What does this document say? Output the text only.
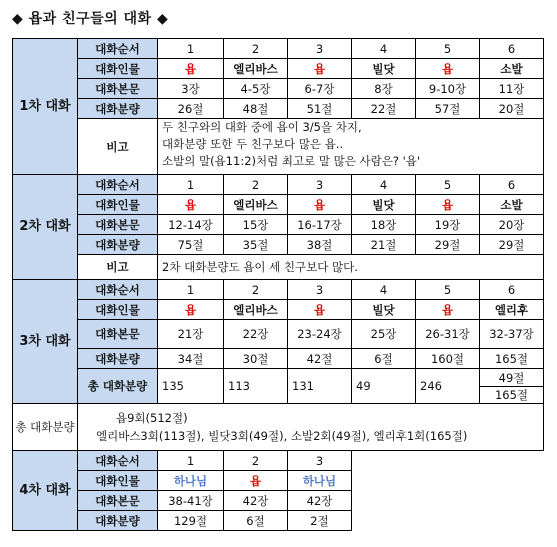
◆ 욥과 친구들의 대화 ◆
1차 대화	대화순서	1	2	3	4	5	6
	대화인물	욥	엘리바스	욥	빌닷	욥	소발
	대화본문	3장	4-5장	6-7장	8장	9-10장	11장
	대화분량	26절	48절	51절	22절	57절	20절
	비고	두 친구와의 대화 중에 욥이 3/5을 차지,
대화분량 또한 두 친구보다 많은 욥..
소발의 말(욥11:2)처럼 최고로 말 많은 사람은? '욥'					

2차 대화	대화순서	1	2	3	4	5	6
	대화인물	욥	엘리바스	욥	빌닷	욥	소발
	대화본문	12-14장	15장	16-17장	18장	19장	20장
	대화분량	75절	35절	38절	21절	29절	29절
	비고	2차 대화분량도 욥이 세 친구보다 많다.					
3차 대화	대화순서	1	2	3	4	5	6
	대화인물	욥	엘리바스	욥	빌닷	욥	엘리후
	대화본문	21장	22장	23-24장	25장	26-31장	32-37장
	대화분량	34절	30절	42절	6절	160절	165절
	총 대화분량	135	113	131	49	246	49절
165절

총 대화분량	욥9회(512절)
엘리바스3회(113절), 빌닷3회(49절), 소발2회(49절), 엘리후1회(165절)						

4차 대화	대화순서	1	2	3			
	대화인물	하나님	욥	하나님			
	대화본문	38-41장	42장	42장			
	대화분량	129절	6절	2절			
